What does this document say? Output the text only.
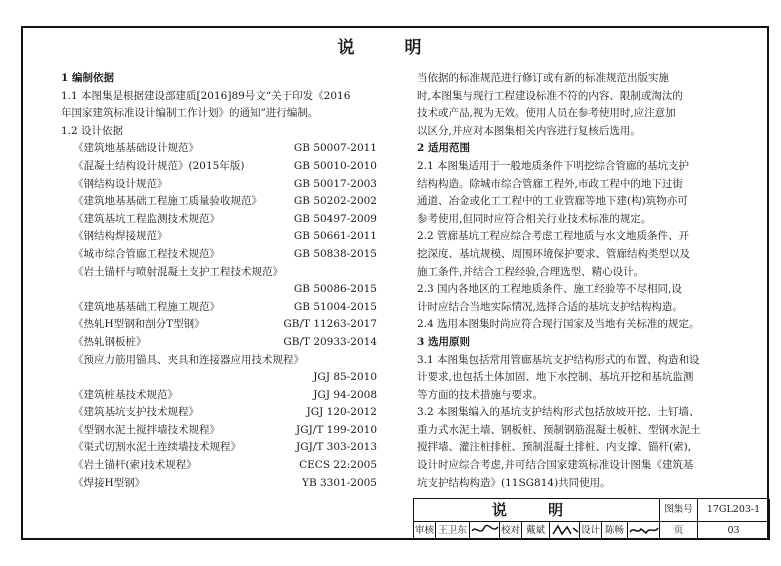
说 明
1 编制依据
1.1 本图集是根据建设部建质[2016]89号文“关于印发《2016
年国家建筑标准设计编制工作计划》的通知”进行编制。
1.2 设计依据
《建筑地基基础设计规范》	GB 50007-2011
《混凝土结构设计规范》(2015年版)	GB 50010-2010
《钢结构设计规范》	GB 50017-2003
《建筑地基基础工程施工质量验收规范》	GB 50202-2002
《建筑基坑工程监测技术规范》	GB 50497-2009
《钢结构焊接规范》	GB 50661-2011
《城市综合管廊工程技术规范》	GB 50838-2015
《岩土锚杆与喷射混凝土支护工程技术规范》
GB 50086-2015
《建筑地基基础工程施工规范》	GB 51004-2015
《热轧H型钢和剖分T型钢》	GB/T 11263-2017
《热轧钢板桩》	GB/T 20933-2014
《预应力筋用锚具、夹具和连接器应用技术规程》
JGJ 85-2010
《建筑桩基技术规范》	JGJ 94-2008
《建筑基坑支护技术规程》	JGJ 120-2012
《型钢水泥土搅拌墙技术规程》	JGJ/T 199-2010
《渠式切割水泥土连续墙技术规程》	JGJ/T 303-2013
《岩土锚杆(索)技术规程》	CECS 22:2005
《焊接H型钢》	YB 3301-2005
当依据的标准规范进行修订或有新的标准规范出版实施
时,本图集与现行工程建设标准不符的内容、限制或淘汰的
技术或产品,视为无效。使用人员在参考使用时,应注意加
以区分,并应对本图集相关内容进行复核后选用。
2 适用范围
2.1 本图集适用于一般地质条件下明挖综合管廊的基坑支护
结构构造。除城市综合管廊工程外,市政工程中的地下过街
通道、冶金或化工工程中的工业管廊等地下建(构)筑物亦可
参考使用,但同时应符合相关行业技术标准的规定。
2.2 管廊基坑工程应综合考虑工程地质与水文地质条件、开
挖深度、基坑规模、周围环境保护要求、管廊结构类型以及
施工条件,并结合工程经验,合理选型、精心设计。
2.3 国内各地区的工程地质条件、施工经验等不尽相同,设
计时应结合当地实际情况,选择合适的基坑支护结构构造。
2.4 选用本图集时尚应符合现行国家及当地有关标准的规定。
3 选用原则
3.1 本图集包括常用管廊基坑支护结构形式的布置、构造和设
计要求,也包括土体加固、地下水控制、基坑开挖和基坑监测
等方面的技术措施与要求。
3.2 本图集编入的基坑支护结构形式包括放坡开挖、土钉墙、
重力式水泥土墙、钢板桩、预制钢筋混凝土板桩、型钢水泥土
搅拌墙、灌注桩排桩、预制混凝土排桩、内支撑、锚杆(索),
设计时应综合考虑,并可结合国家建筑标准设计图集《建筑基
坑支护结构构造》(11SG814)共同使用。
说 明	图集号	17GL203-1
审核 王卫东	校对 戴斌	设计 陈畅	页	03
